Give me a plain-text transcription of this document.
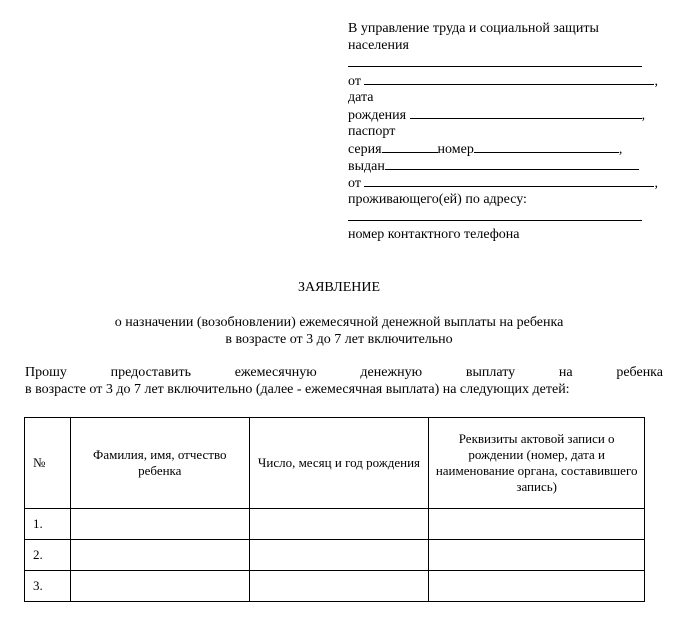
В управление труда и социальной защиты
населения
от	,
дата
рождения	,
паспорт
серия	номер	,
выдан
от	,
проживающего(ей) по адресу:
номер контактного телефона
ЗАЯВЛЕНИЕ
о назначении (возобновлении) ежемесячной денежной выплаты на ребенка
в возрасте от 3 до 7 лет включительно
Прошу предоставить ежемесячную денежную выплату на ребенка
в возрасте от 3 до 7 лет включительно (далее - ежемесячная выплата) на следующих детей:
№	Фамилия, имя, отчество ребенка	Число, месяц и год рождения	Реквизиты актовой записи о рождении (номер, дата и наименование органа, составившего запись)
1.			
2.			
3.			
